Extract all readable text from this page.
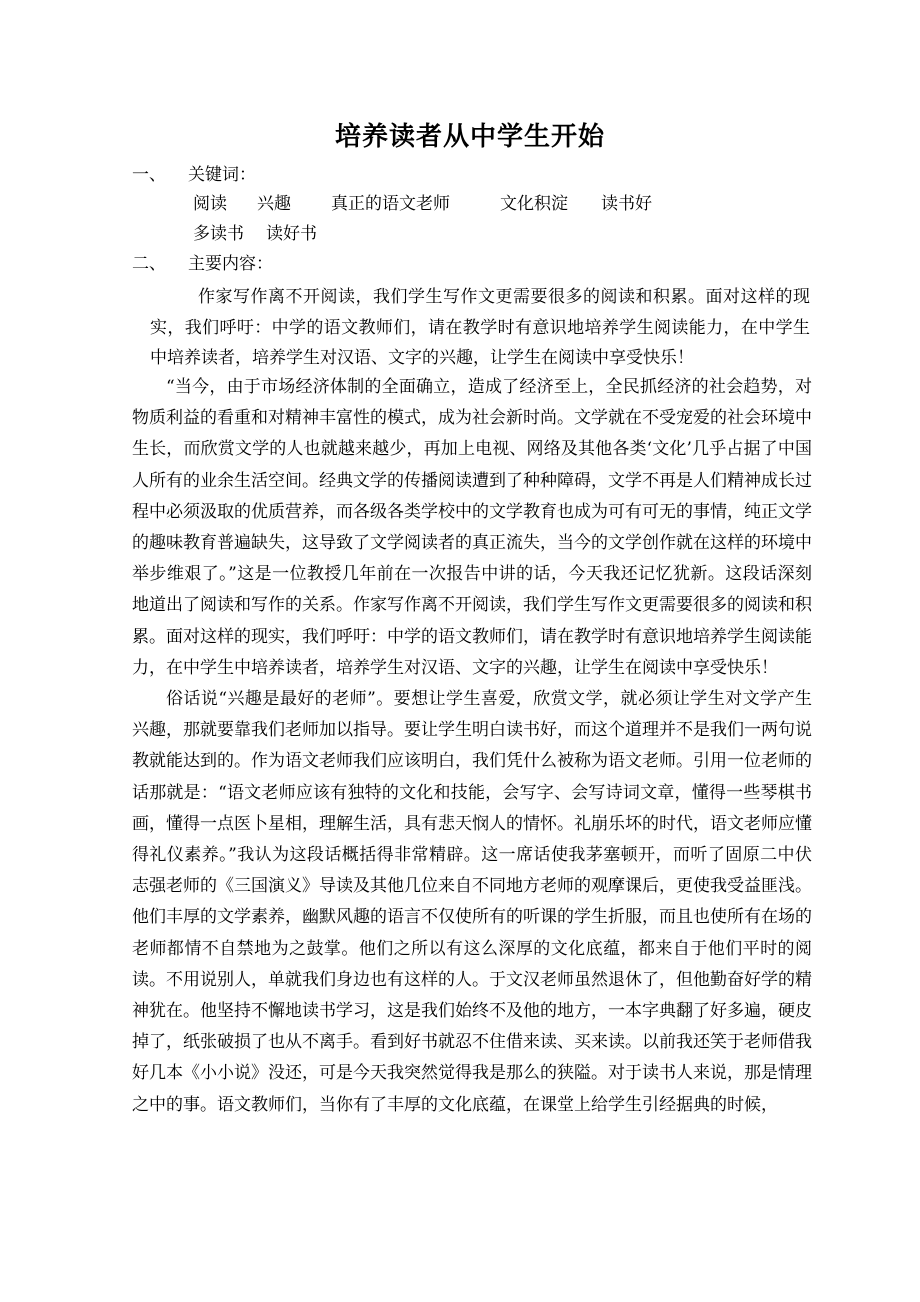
培养读者从中学生开始
一、 关键词：
阅读 兴趣 真正的语文老师	文化积淀 读书好
多读书 读好书
二、 主要内容：
作家写作离不开阅读，我们学生写作文更需要很多的阅读和积累。面对这样的现实，我们呼吁：中学的语文教师们，请在教学时有意识地培养学生阅读能力，在中学生中培养读者，培养学生对汉语、文字的兴趣，让学生在阅读中享受快乐！

“当今，由于市场经济体制的全面确立，造成了经济至上，全民抓经济的社会趋势，对物质利益的看重和对精神丰富性的模式，成为社会新时尚。文学就在不受宠爱的社会环境中生长，而欣赏文学的人也就越来越少，再加上电视、网络及其他各类‘文化’几乎占据了中国人所有的业余生活空间。经典文学的传播阅读遭到了种种障碍，文学不再是人们精神成长过程中必须汲取的优质营养，而各级各类学校中的文学教育也成为可有可无的事情，纯正文学的趣味教育普遍缺失，这导致了文学阅读者的真正流失，当今的文学创作就在这样的环境中举步维艰了。”这是一位教授几年前在一次报告中讲的话，今天我还记忆犹新。这段话深刻地道出了阅读和写作的关系。作家写作离不开阅读，我们学生写作文更需要很多的阅读和积累。面对这样的现实，我们呼吁：中学的语文教师们，请在教学时有意识地培养学生阅读能力，在中学生中培养读者，培养学生对汉语、文字的兴趣，让学生在阅读中享受快乐！

俗话说“兴趣是最好的老师”。要想让学生喜爱，欣赏文学，就必须让学生对文学产生兴趣，那就要靠我们老师加以指导。要让学生明白读书好，而这个道理并不是我们一两句说教就能达到的。作为语文老师我们应该明白，我们凭什么被称为语文老师。引用一位老师的话那就是：“语文老师应该有独特的文化和技能，会写字、会写诗词文章，懂得一些琴棋书画，懂得一点医卜星相，理解生活，具有悲天悯人的情怀。礼崩乐坏的时代，语文老师应懂得礼仪素养。”我认为这段话概括得非常精辟。这一席话使我茅塞顿开，而听了固原二中伏志强老师的《三国演义》导读及其他几位来自不同地方老师的观摩课后，更使我受益匪浅。他们丰厚的文学素养，幽默风趣的语言不仅使所有的听课的学生折服，而且也使所有在场的老师都情不自禁地为之鼓掌。他们之所以有这么深厚的文化底蕴，都来自于他们平时的阅读。不用说别人，单就我们身边也有这样的人。于文汉老师虽然退休了，但他勤奋好学的精神犹在。他坚持不懈地读书学习，这是我们始终不及他的地方，一本字典翻了好多遍，硬皮掉了，纸张破损了也从不离手。看到好书就忍不住借来读、买来读。以前我还笑于老师借我好几本《小小说》没还，可是今天我突然觉得我是那么的狭隘。对于读书人来说，那是情理之中的事。语文教师们，当你有了丰厚的文化底蕴，在课堂上给学生引经据典的时候，
